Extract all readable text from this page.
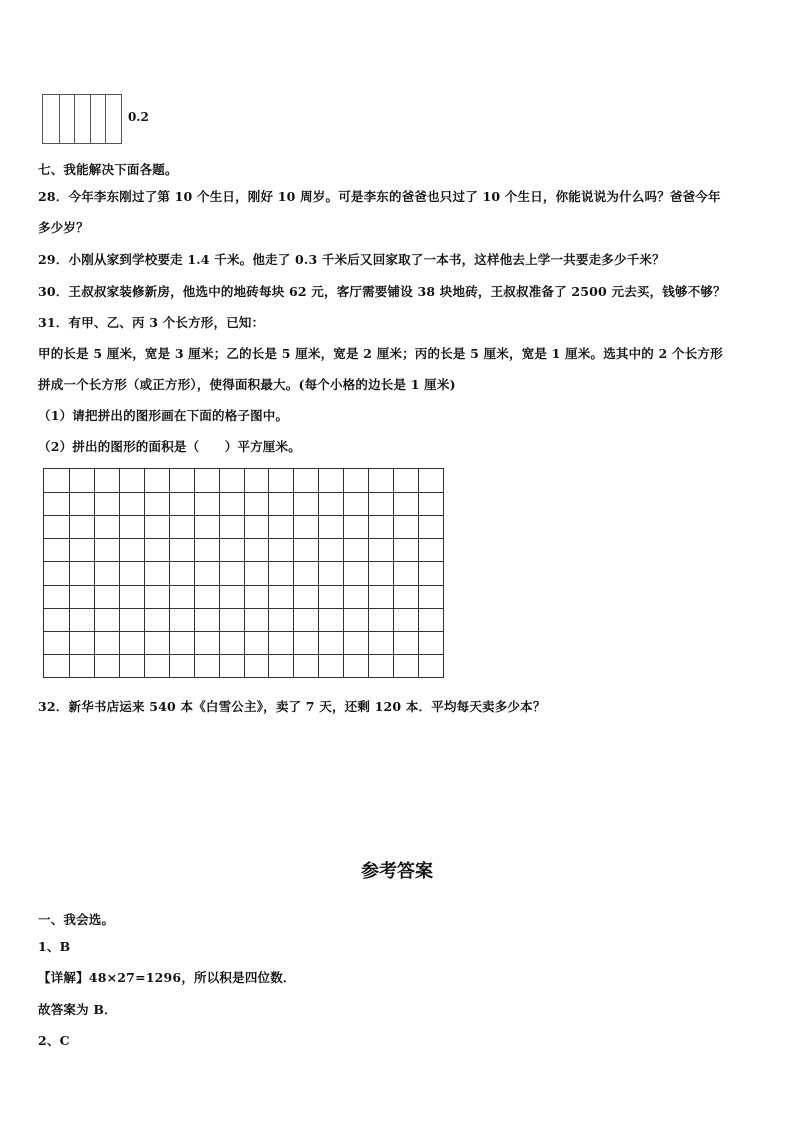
0.2
七、我能解决下面各题。
28．今年李东刚过了第 10 个生日，刚好 10 周岁。可是李东的爸爸也只过了 10 个生日，你能说说为什么吗？爸爸今年
多少岁？
29．小刚从家到学校要走 1.4 千米。他走了 0.3 千米后又回家取了一本书，这样他去上学一共要走多少千米？
30．王叔叔家装修新房，他选中的地砖每块 62 元，客厅需要铺设 38 块地砖，王叔叔准备了 2500 元去买，钱够不够？
31．有甲、乙、丙 3 个长方形，已知：
甲的长是 5 厘米，宽是 3 厘米；乙的长是 5 厘米，宽是 2 厘米；丙的长是 5 厘米，宽是 1 厘米。选其中的 2 个长方形
拼成一个长方形（或正方形），使得面积最大。(每个小格的边长是 1 厘米)
（1）请把拼出的图形画在下面的格子图中。
（2）拼出的图形的面积是（　　）平方厘米。
32．新华书店运来 540 本《白雪公主》，卖了 7 天，还剩 120 本．平均每天卖多少本？
参考答案
一、我会选。
1、B
【详解】48×27=1296，所以积是四位数．
故答案为 B．
2、C
